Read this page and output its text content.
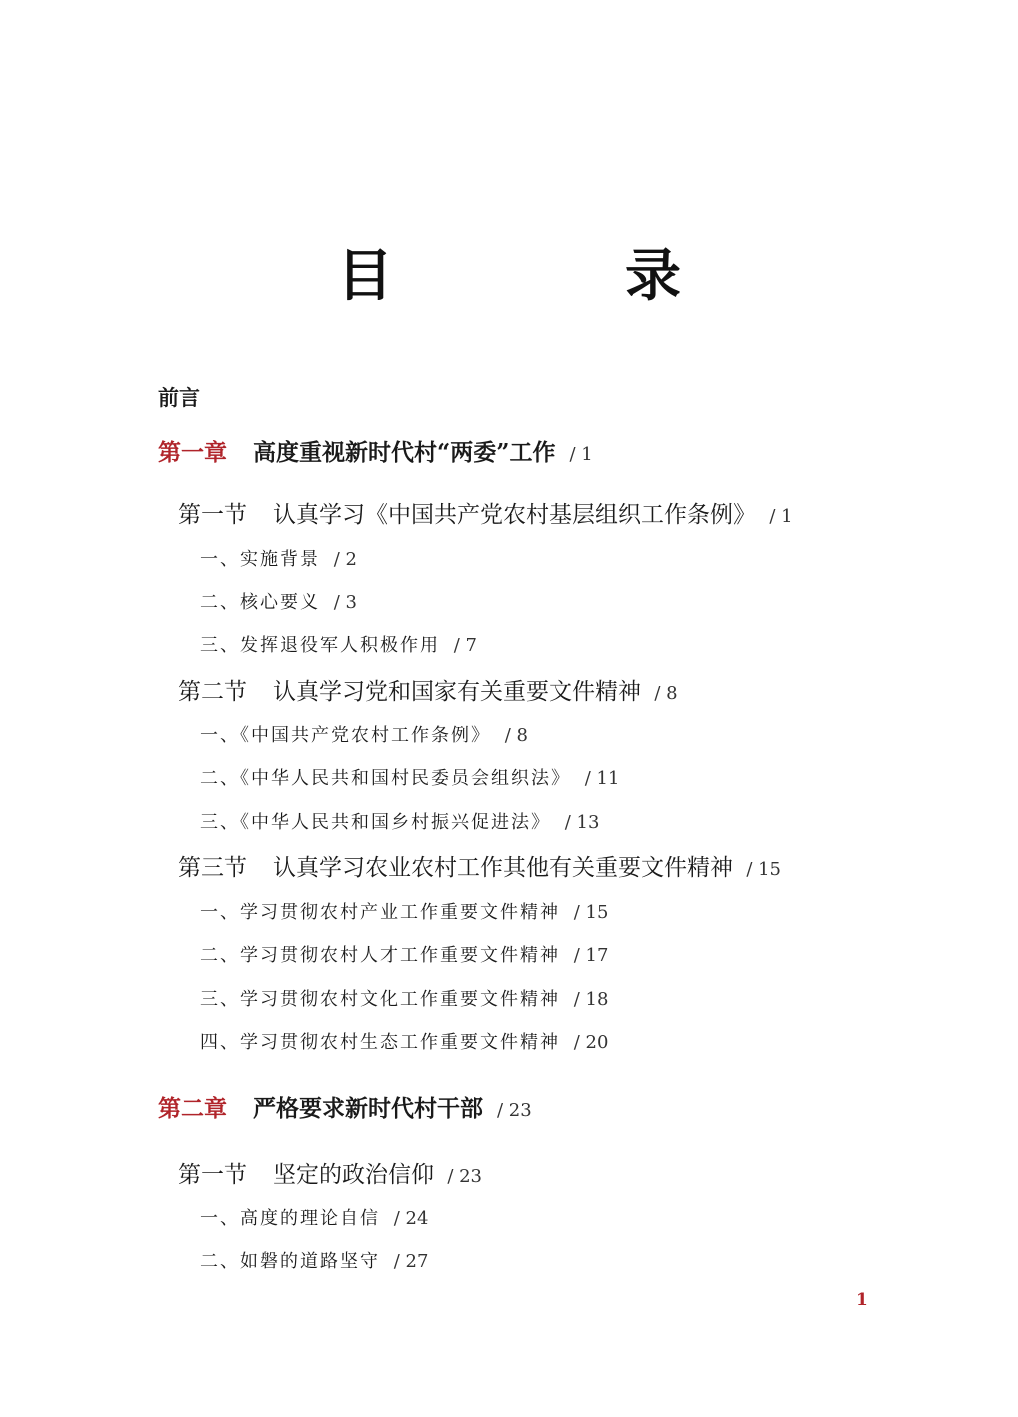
目　录
前言
第一章 高度重视新时代村“两委”工作 / 1
第一节 认真学习《中国共产党农村基层组织工作条例》 / 1
一、实施背景 / 2
二、核心要义 / 3
三、发挥退役军人积极作用 / 7
第二节 认真学习党和国家有关重要文件精神 / 8
一、《中国共产党农村工作条例》 / 8
二、《中华人民共和国村民委员会组织法》 / 11
三、《中华人民共和国乡村振兴促进法》 / 13
第三节 认真学习农业农村工作其他有关重要文件精神 / 15
一、学习贯彻农村产业工作重要文件精神 / 15
二、学习贯彻农村人才工作重要文件精神 / 17
三、学习贯彻农村文化工作重要文件精神 / 18
四、学习贯彻农村生态工作重要文件精神 / 20
第二章 严格要求新时代村干部 / 23
第一节 坚定的政治信仰 / 23
一、高度的理论自信 / 24
二、如磐的道路坚守 / 27
1
